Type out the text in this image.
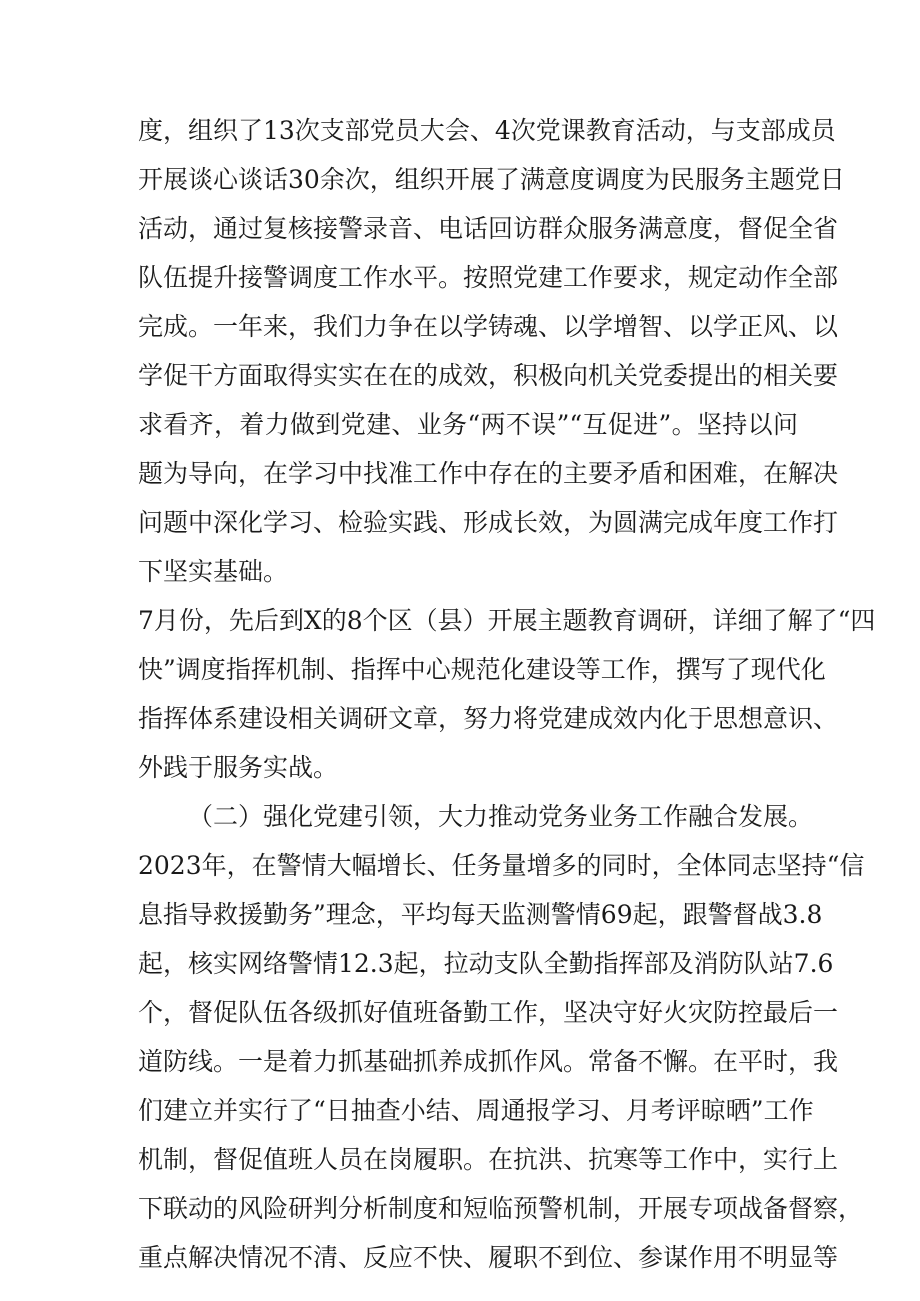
度，组织了13次支部党员大会、4次党课教育活动，与支部成员
开展谈心谈话30余次，组织开展了满意度调度为民服务主题党日
活动，通过复核接警录音、电话回访群众服务满意度，督促全省
队伍提升接警调度工作水平。按照党建工作要求，规定动作全部
完成。一年来，我们力争在以学铸魂、以学增智、以学正风、以
学促干方面取得实实在在的成效，积极向机关党委提出的相关要
求看齐，着力做到党建、业务“两不误”“互促进”。坚持以问
题为导向，在学习中找准工作中存在的主要矛盾和困难，在解决
问题中深化学习、检验实践、形成长效，为圆满完成年度工作打
下坚实基础。
7月份，先后到X的8个区（县）开展主题教育调研，详细了解了“四
快”调度指挥机制、指挥中心规范化建设等工作，撰写了现代化
指挥体系建设相关调研文章，努力将党建成效内化于思想意识、
外践于服务实战。
（二）强化党建引领，大力推动党务业务工作融合发展。
2023年，在警情大幅增长、任务量增多的同时，全体同志坚持“信
息指导救援勤务”理念，平均每天监测警情69起，跟警督战3.8
起，核实网络警情12.3起，拉动支队全勤指挥部及消防队站7.6
个，督促队伍各级抓好值班备勤工作，坚决守好火灾防控最后一
道防线。一是着力抓基础抓养成抓作风。常备不懈。在平时，我
们建立并实行了“日抽查小结、周通报学习、月考评晾晒”工作
机制，督促值班人员在岗履职。在抗洪、抗寒等工作中，实行上
下联动的风险研判分析制度和短临预警机制，开展专项战备督察，
重点解决情况不清、反应不快、履职不到位、参谋作用不明显等
